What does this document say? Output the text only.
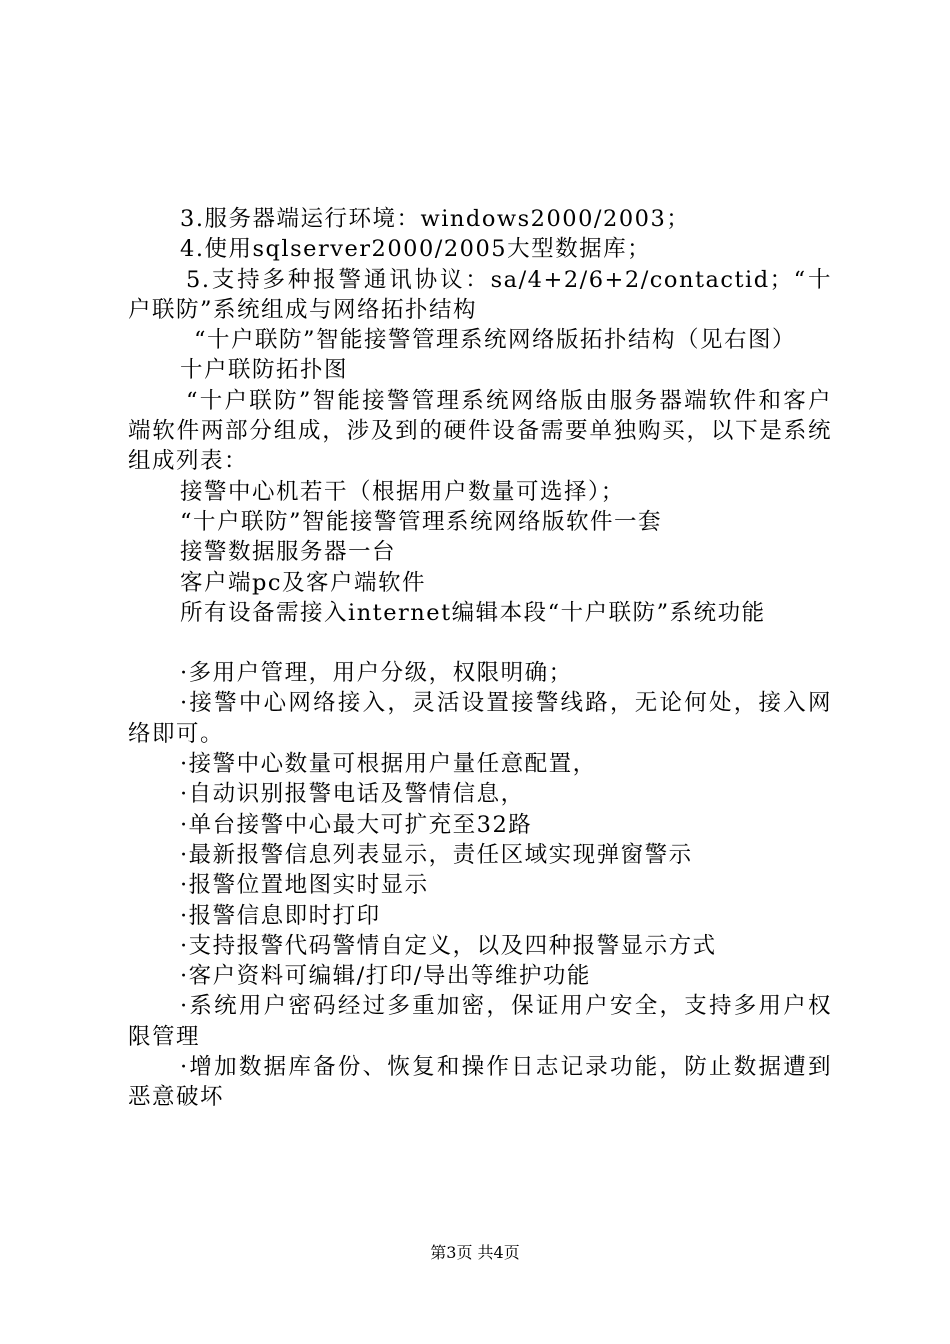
3.服务器端运行环境：windows2000/2003；

4.使用sqlserver2000/2005大型数据库；

5.支持多种报警通讯协议：sa/4+2/6+2/contactid；“十户联防”系统组成与网络拓扑结构

“十户联防”智能接警管理系统网络版拓扑结构（见右图）

十户联防拓扑图

“十户联防”智能接警管理系统网络版由服务器端软件和客户端软件两部分组成，涉及到的硬件设备需要单独购买，以下是系统组成列表：

接警中心机若干（根据用户数量可选择）；

“十户联防”智能接警管理系统网络版软件一套

接警数据服务器一台

客户端pc及客户端软件

所有设备需接入internet编辑本段“十户联防”系统功能

·多用户管理，用户分级，权限明确；

·接警中心网络接入，灵活设置接警线路，无论何处，接入网络即可。

·接警中心数量可根据用户量任意配置，

·自动识别报警电话及警情信息，

·单台接警中心最大可扩充至32路

·最新报警信息列表显示，责任区域实现弹窗警示

·报警位置地图实时显示

·报警信息即时打印

·支持报警代码警情自定义，以及四种报警显示方式

·客户资料可编辑/打印/导出等维护功能

·系统用户密码经过多重加密，保证用户安全，支持多用户权限管理

·增加数据库备份、恢复和操作日志记录功能，防止数据遭到恶意破坏

第3页 共4页
